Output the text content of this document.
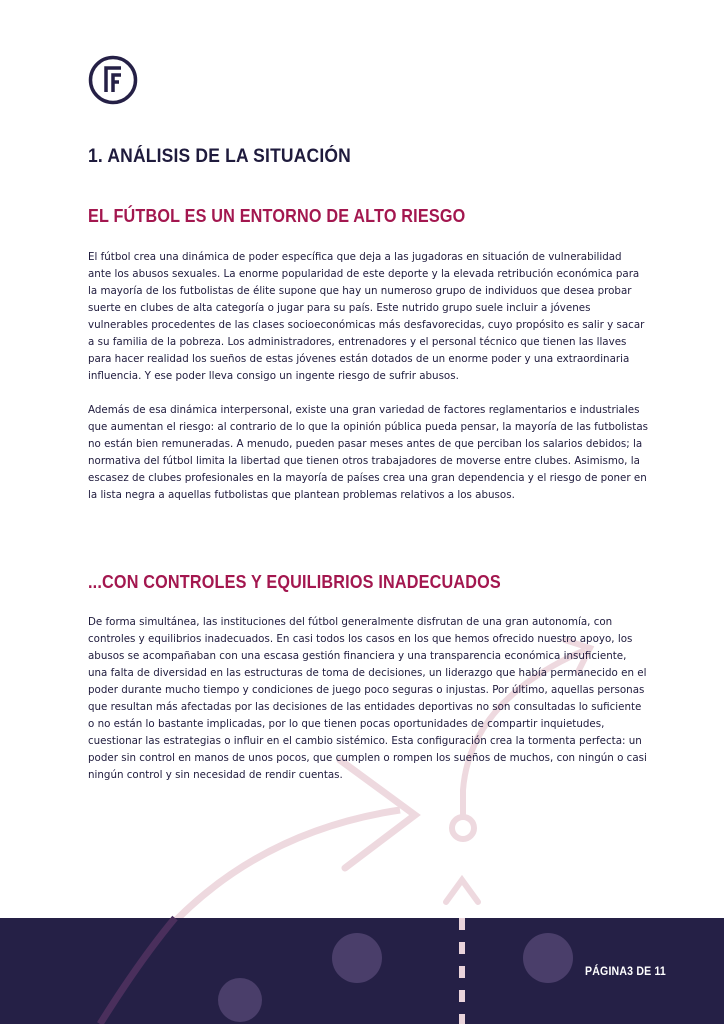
1. ANÁLISIS DE LA SITUACIÓN
EL FÚTBOL ES UN ENTORNO DE ALTO RIESGO

El fútbol crea una dinámica de poder específica que deja a las jugadoras en situación de vulnerabilidad ante los abusos sexuales. La enorme popularidad de este deporte y la elevada retribución económica para la mayoría de los futbolistas de élite supone que hay un numeroso grupo de individuos que desea probar suerte en clubes de alta categoría o jugar para su país. Este nutrido grupo suele incluir a jóvenes vulnerables procedentes de las clases socioeconómicas más desfavorecidas, cuyo propósito es salir y sacar a su familia de la pobreza. Los administradores, entrenadores y el personal técnico que tienen las llaves para hacer realidad los sueños de estas jóvenes están dotados de un enorme poder y una extraordinaria influencia. Y ese poder lleva consigo un ingente riesgo de sufrir abusos.

Además de esa dinámica interpersonal, existe una gran variedad de factores reglamentarios e industriales que aumentan el riesgo: al contrario de lo que la opinión pública pueda pensar, la mayoría de las futbolistas no están bien remuneradas. A menudo, pueden pasar meses antes de que perciban los salarios debidos; la normativa del fútbol limita la libertad que tienen otros trabajadores de moverse entre clubes. Asimismo, la escasez de clubes profesionales en la mayoría de países crea una gran dependencia y el riesgo de poner en la lista negra a aquellas futbolistas que plantean problemas relativos a los abusos.

...CON CONTROLES Y EQUILIBRIOS INADECUADOS

De forma simultánea, las instituciones del fútbol generalmente disfrutan de una gran autonomía, con controles y equilibrios inadecuados. En casi todos los casos en los que hemos ofrecido nuestro apoyo, los abusos se acompañaban con una escasa gestión financiera y una transparencia económica insuficiente, una falta de diversidad en las estructuras de toma de decisiones, un liderazgo que había permanecido en el poder durante mucho tiempo y condiciones de juego poco seguras o injustas. Por último, aquellas personas que resultan más afectadas por las decisiones de las entidades deportivas no son consultadas lo suficiente o no están lo bastante implicadas, por lo que tienen pocas oportunidades de compartir inquietudes, cuestionar las estrategias o influir en el cambio sistémico. Esta configuración crea la tormenta perfecta: un poder sin control en manos de unos pocos, que cumplen o rompen los sueños de muchos, con ningún o casi ningún control y sin necesidad de rendir cuentas.

PÁGINA3 DE 11
